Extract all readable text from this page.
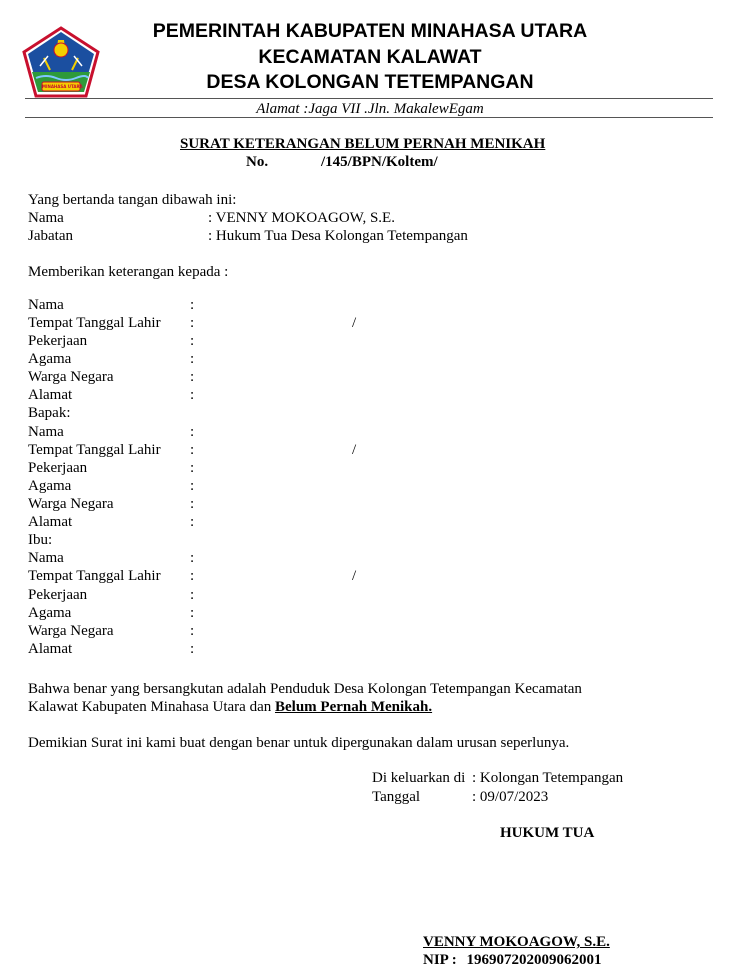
MINAHASA UTARA
PEMERINTAH KABUPATEN MINAHASA UTARA
KECAMATAN KALAWAT
DESA KOLONGAN TETEMPANGAN
Alamat :Jaga VII .Jln. MakalewEgam
SURAT KETERANGAN BELUM PERNAH MENIKAH
No.	/145/BPN/Koltem/
Yang bertanda tangan dibawah ini:
Nama	: VENNY MOKOAGOW, S.E.
Jabatan	: Hukum Tua Desa Kolongan Tetempangan
Memberikan keterangan kepada :
Nama	:
Tempat Tanggal Lahir :	/
Pekerjaan	:
Agama	:
Warga Negara	:
Alamat	:
Bapak:
Nama	:
Tempat Tanggal Lahir :	/
Pekerjaan	:
Agama	:
Warga Negara	:
Alamat	:
Ibu:
Nama	:
Tempat Tanggal Lahir :	/
Pekerjaan	:
Agama	:
Warga Negara	:
Alamat	:
Bahwa benar yang bersangkutan adalah Penduduk Desa Kolongan Tetempangan Kecamatan
Kalawat Kabupaten Minahasa Utara dan Belum Pernah Menikah.
Demikian Surat ini kami buat dengan benar untuk dipergunakan dalam urusan seperlunya.
Di keluarkan di : Kolongan Tetempangan
Tanggal	: 09/07/2023
HUKUM TUA
VENNY MOKOAGOW, S.E.
NIP : 196907202009062001
